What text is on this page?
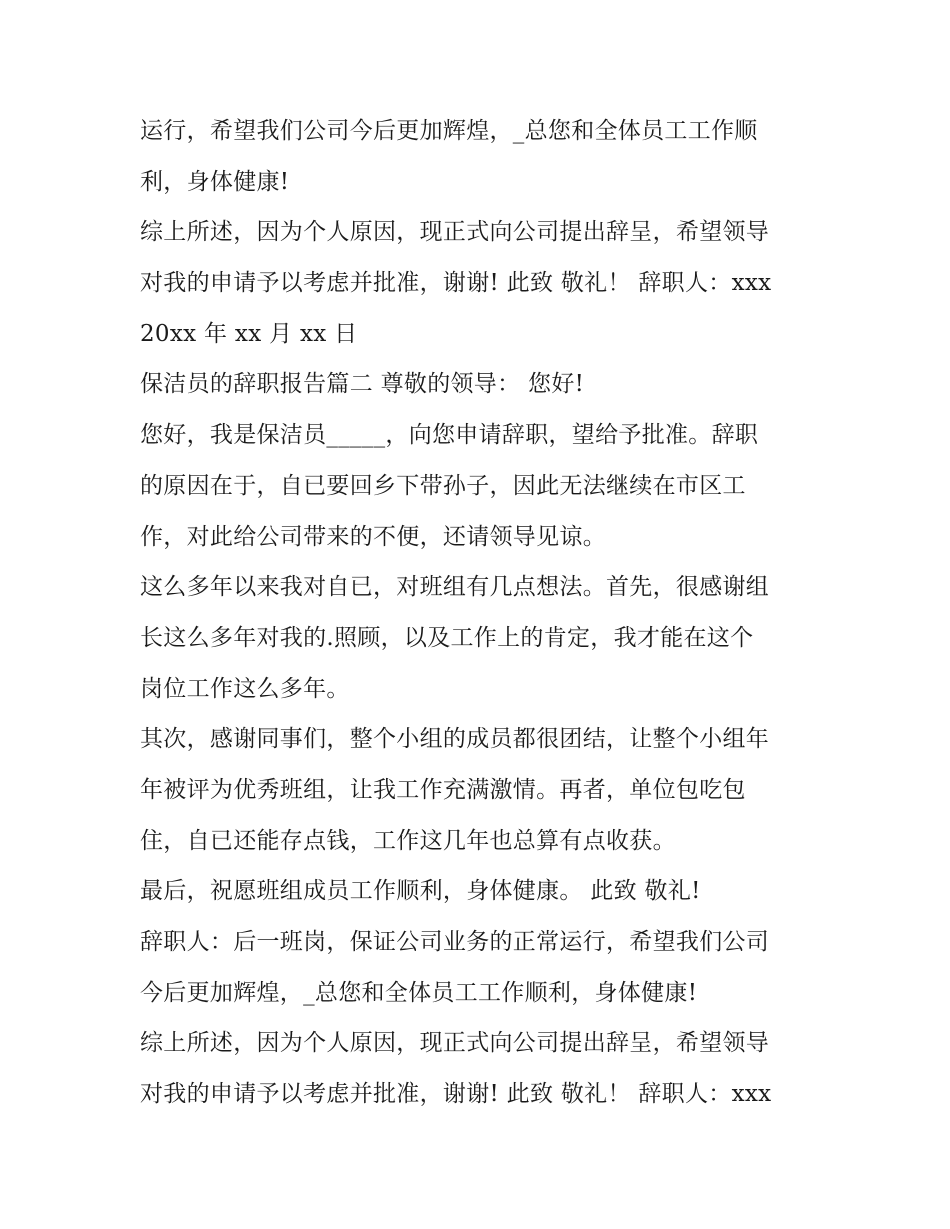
运行，希望我们公司今后更加辉煌，_总您和全体员工工作顺
利，身体健康!
综上所述，因为个人原因，现正式向公司提出辞呈，希望领导
对我的申请予以考虑并批准，谢谢! 此致 敬礼！ 辞职人：xxx
20xx 年 xx 月 xx 日
保洁员的辞职报告篇二 尊敬的领导： 您好!
您好，我是保洁员_____，向您申请辞职，望给予批准。辞职
的原因在于，自已要回乡下带孙子，因此无法继续在市区工
作，对此给公司带来的不便，还请领导见谅。
这么多年以来我对自已，对班组有几点想法。首先，很感谢组
长这么多年对我的.照顾，以及工作上的肯定，我才能在这个
岗位工作这么多年。
其次，感谢同事们，整个小组的成员都很团结，让整个小组年
年被评为优秀班组，让我工作充满激情。再者，单位包吃包
住，自已还能存点钱，工作这几年也总算有点收获。
最后，祝愿班组成员工作顺利，身体健康。 此致 敬礼!
辞职人：后一班岗，保证公司业务的正常运行，希望我们公司
今后更加辉煌，_总您和全体员工工作顺利，身体健康!
综上所述，因为个人原因，现正式向公司提出辞呈，希望领导
对我的申请予以考虑并批准，谢谢! 此致 敬礼！ 辞职人：xxx
